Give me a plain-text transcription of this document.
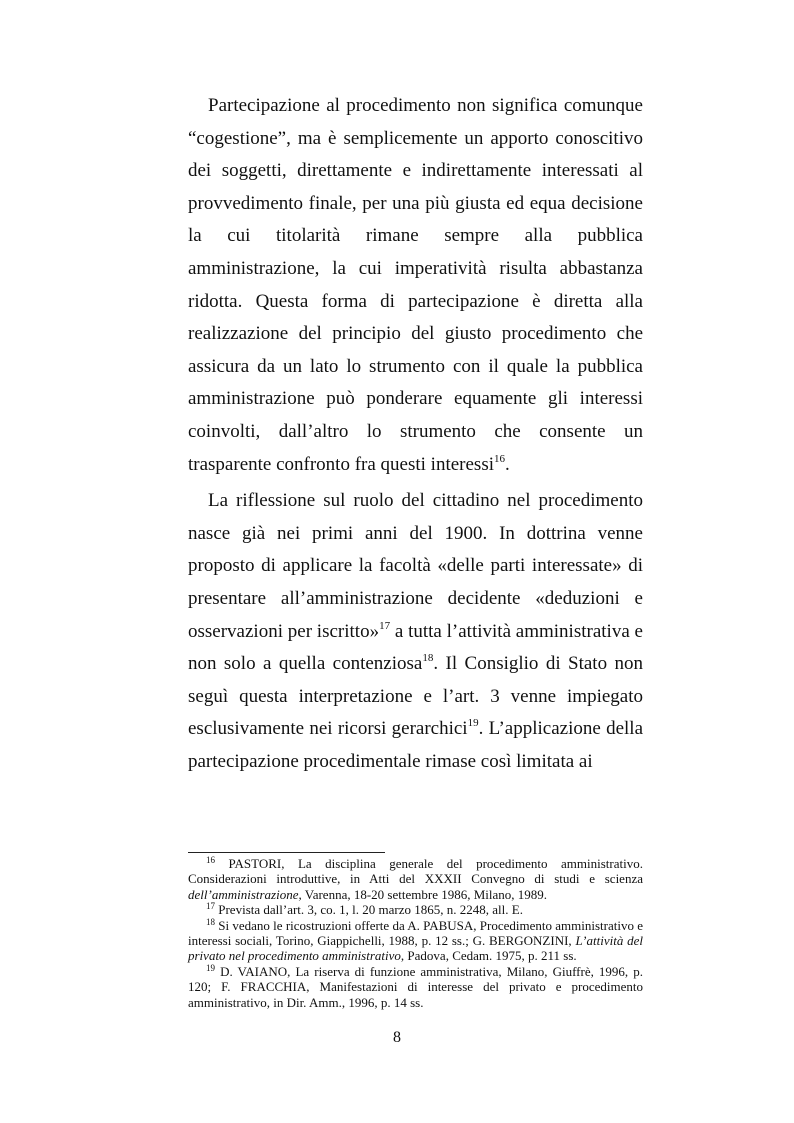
Partecipazione al procedimento non significa comunque “cogestione”, ma è semplicemente un apporto conoscitivo dei soggetti, direttamente e indirettamente interessati al provvedimento finale, per una più giusta ed equa decisione la cui titolarità rimane sempre alla pubblica amministrazione, la cui imperatività risulta abbastanza ridotta. Questa forma di partecipazione è diretta alla realizzazione del principio del giusto procedimento che assicura da un lato lo strumento con il quale la pubblica amministrazione può ponderare equamente gli interessi coinvolti, dall’altro lo strumento che consente un trasparente confronto fra questi interessi$^{16}$.

La riflessione sul ruolo del cittadino nel procedimento nasce già nei primi anni del 1900. In dottrina venne proposto di applicare la facoltà «delle parti interessate» di presentare all’amministrazione decidente «deduzioni e osservazioni per iscritto»$^{17}$ a tutta l’attività amministrativa e non solo a quella contenziosa$^{18}$. Il Consiglio di Stato non seguì questa interpretazione e l’art. 3 venne impiegato esclusivamente nei ricorsi gerarchici$^{19}$. L’applicazione della partecipazione procedimentale rimase così limitata ai

$^{16}$ PASTORI, La disciplina generale del procedimento amministrativo. Considerazioni introduttive, in Atti del XXXII Convegno di studi e scienza dell’amministrazione, Varenna, 18-20 settembre 1986, Milano, 1989.

$^{17}$ Prevista dall’art. 3, co. 1, l. 20 marzo 1865, n. 2248, all. E.

$^{18}$ Si vedano le ricostruzioni offerte da A. PABUSA, Procedimento amministrativo e interessi sociali, Torino, Giappichelli, 1988, p. 12 ss.; G. BERGONZINI, L’attività del privato nel procedimento amministrativo, Padova, Cedam. 1975, p. 211 ss.

$^{19}$ D. VAIANO, La riserva di funzione amministrativa, Milano, Giuffrè, 1996, p. 120; F. FRACCHIA, Manifestazioni di interesse del privato e procedimento amministrativo, in Dir. Amm., 1996, p. 14 ss.

8
